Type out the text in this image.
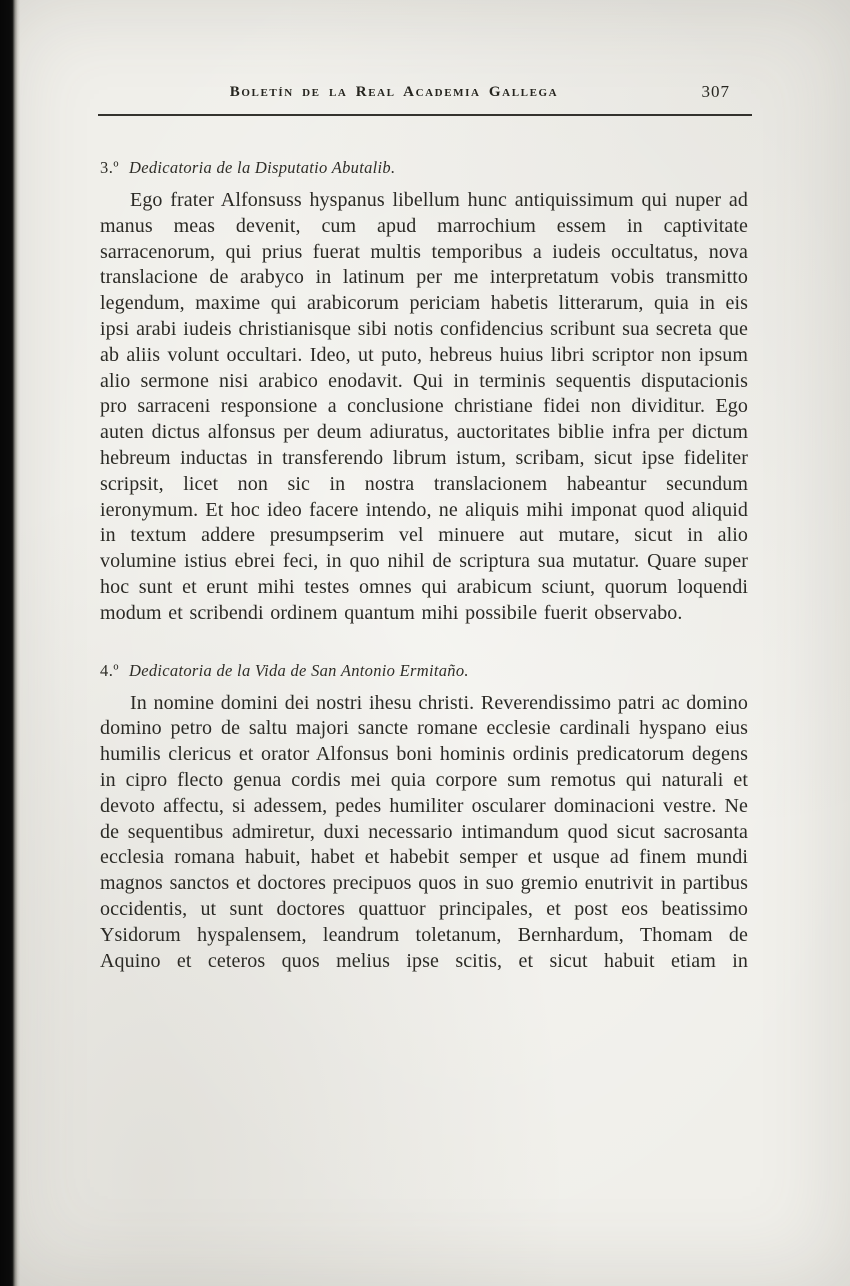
Boletín de la Real Academia Gallega	307
3.º Dedicatoria de la Disputatio Abutalib.

Ego frater Alfonsuss hyspanus libellum hunc antiquissimum qui nuper ad manus meas devenit, cum apud marrochium essem in captivitate sarracenorum, qui prius fuerat multis temporibus a iudeis occultatus, nova translacione de arabyco in latinum per me interpretatum vobis transmitto legendum, maxime qui arabicorum periciam habetis litterarum, quia in eis ipsi arabi iudeis christianisque sibi notis confidencius scribunt sua secreta que ab aliis volunt occultari. Ideo, ut puto, hebreus huius libri scriptor non ipsum alio sermone nisi arabico enodavit. Qui in terminis sequentis disputacionis pro sarraceni responsione a conclusione christiane fidei non dividitur. Ego auten dictus alfonsus per deum adiuratus, auctoritates biblie infra per dictum hebreum inductas in transferendo librum istum, scribam, sicut ipse fideliter scripsit, licet non sic in nostra translacionem habeantur secundum ieronymum. Et hoc ideo facere intendo, ne aliquis mihi imponat quod aliquid in textum addere presumpserim vel minuere aut mutare, sicut in alio volumine istius ebrei feci, in quo nihil de scriptura sua mutatur. Quare super hoc sunt et erunt mihi testes omnes qui arabicum sciunt, quorum loquendi modum et scribendi ordinem quantum mihi possibile fuerit observabo.

4.º Dedicatoria de la Vida de San Antonio Ermitaño.

In nomine domini dei nostri ihesu christi. Reverendissimo patri ac domino domino petro de saltu majori sancte romane ecclesie cardinali hyspano eius humilis clericus et orator Alfonsus boni hominis ordinis predicatorum degens in cipro flecto genua cordis mei quia corpore sum remotus qui naturali et devoto affectu, si adessem, pedes humiliter oscularer dominacioni vestre. Ne de sequentibus admiretur, duxi necessario intimandum quod sicut sacrosanta ecclesia romana habuit, habet et habebit semper et usque ad finem mundi magnos sanctos et doctores precipuos quos in suo gremio enutrivit in partibus occidentis, ut sunt doctores quattuor principales, et post eos beatissimo Ysidorum hyspalensem, leandrum toletanum, Bernhardum, Thomam de Aquino et ceteros quos melius ipse scitis, et sicut habuit etiam in
